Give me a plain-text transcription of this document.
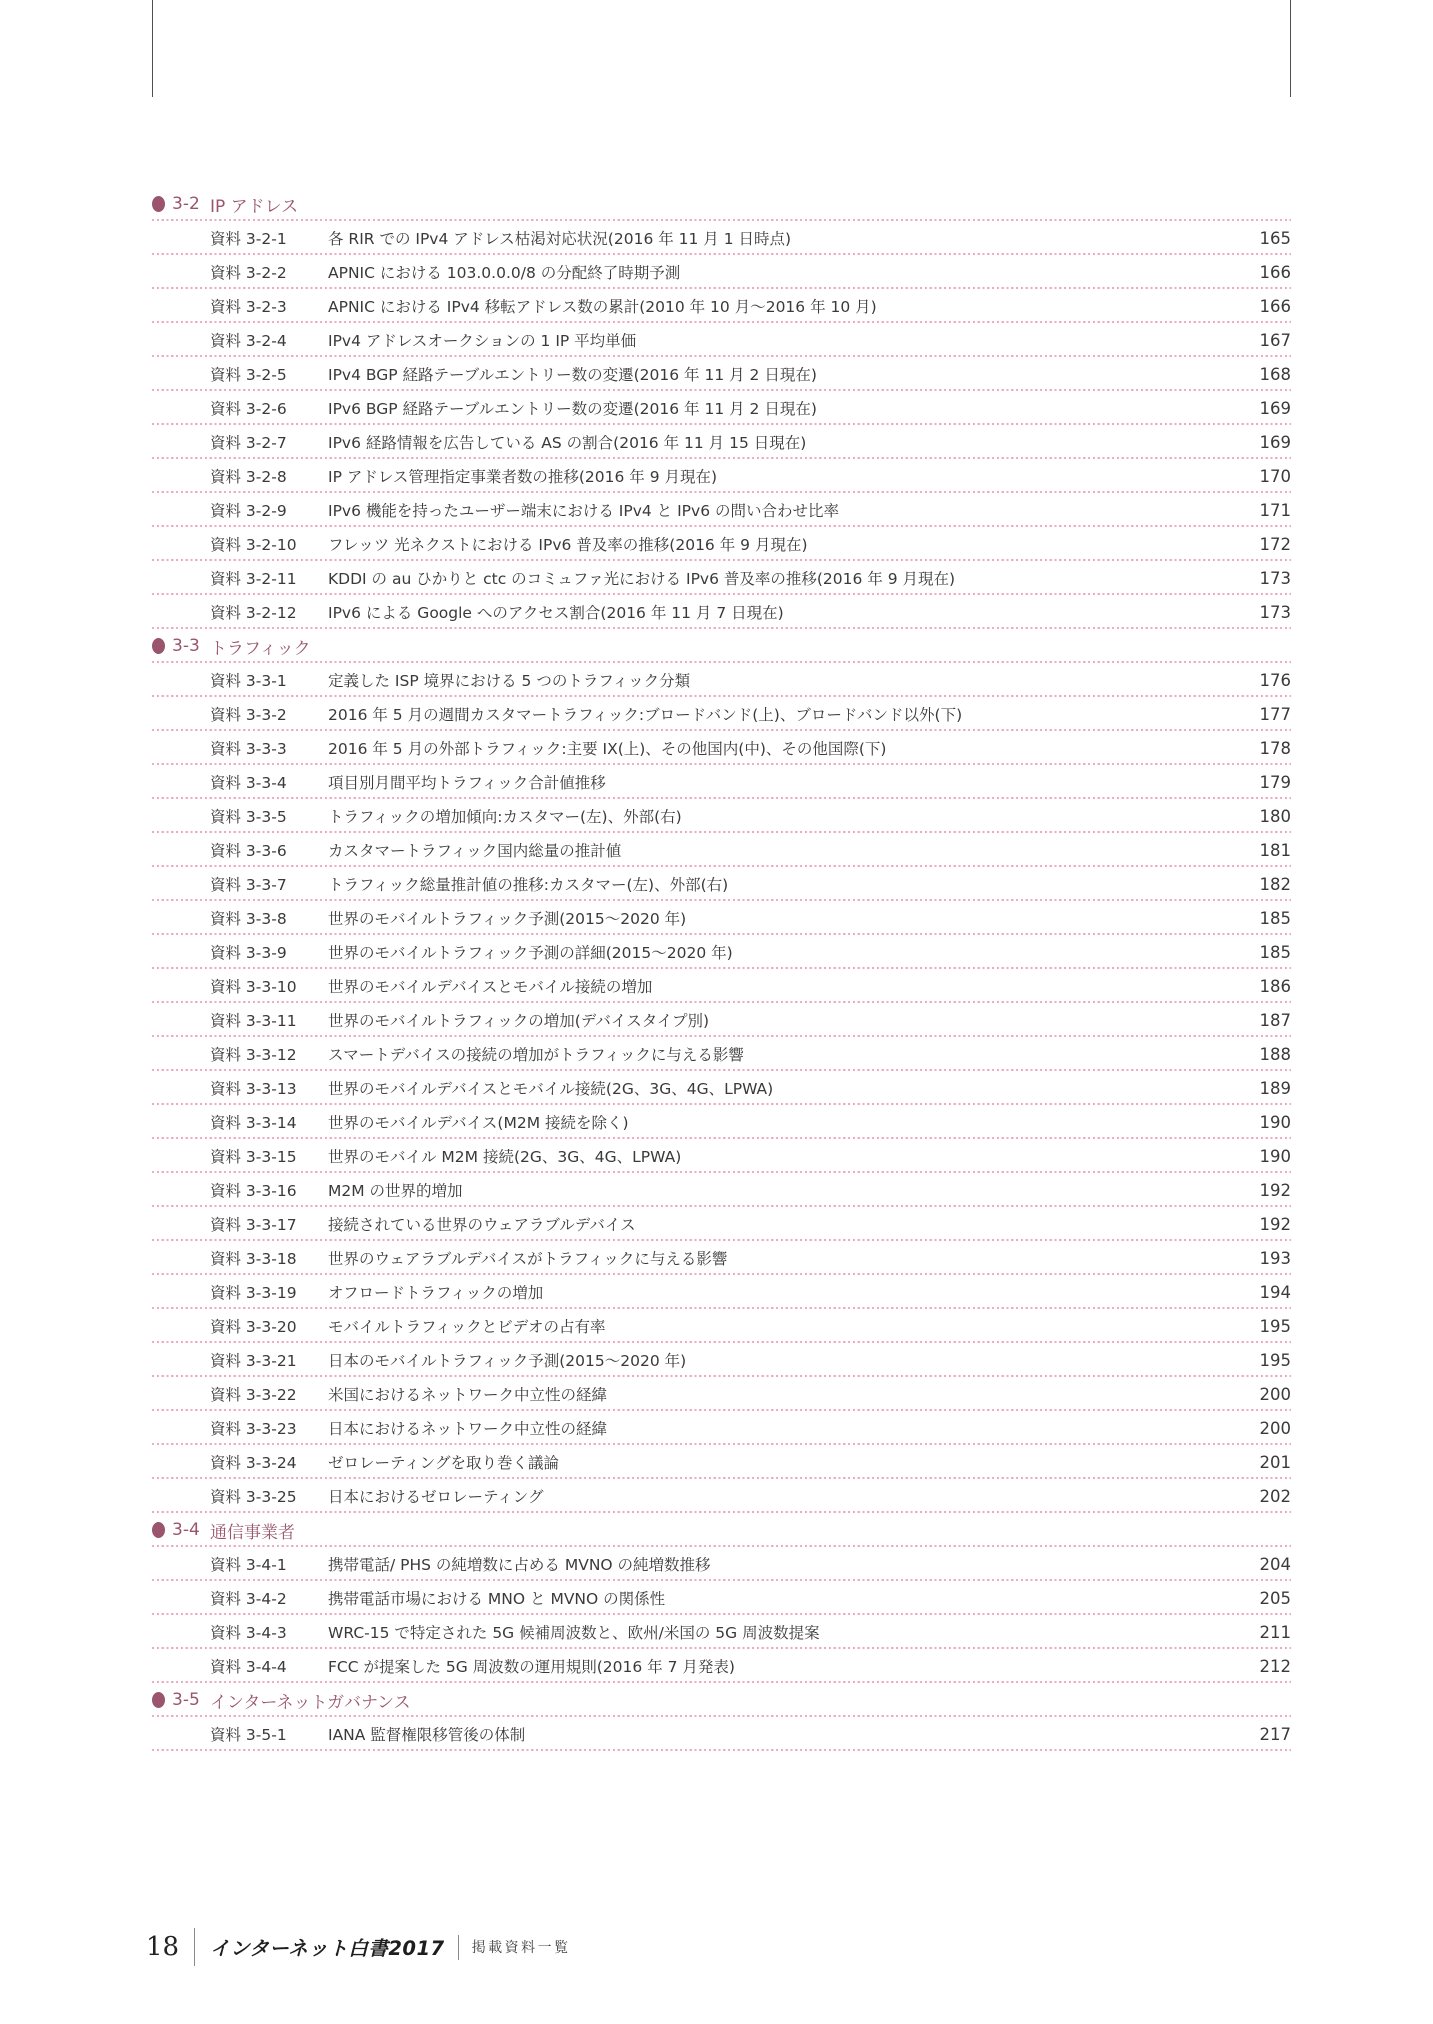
3-2 IP アドレス
資料 3-2-1	各 RIR での IPv4 アドレス枯渇対応状況(2016 年 11 月 1 日時点)	165
資料 3-2-2	APNIC における 103.0.0.0/8 の分配終了時期予測	166
資料 3-2-3	APNIC における IPv4 移転アドレス数の累計(2010 年 10 月〜2016 年 10 月)	166
資料 3-2-4	IPv4 アドレスオークションの 1 IP 平均単価	167
資料 3-2-5	IPv4 BGP 経路テーブルエントリー数の変遷(2016 年 11 月 2 日現在)	168
資料 3-2-6	IPv6 BGP 経路テーブルエントリー数の変遷(2016 年 11 月 2 日現在)	169
資料 3-2-7	IPv6 経路情報を広告している AS の割合(2016 年 11 月 15 日現在)	169
資料 3-2-8	IP アドレス管理指定事業者数の推移(2016 年 9 月現在)	170
資料 3-2-9	IPv6 機能を持ったユーザー端末における IPv4 と IPv6 の問い合わせ比率	171
資料 3-2-10	フレッツ 光ネクストにおける IPv6 普及率の推移(2016 年 9 月現在)	172
資料 3-2-11	KDDI の au ひかりと ctc のコミュファ光における IPv6 普及率の推移(2016 年 9 月現在)	173
資料 3-2-12	IPv6 による Google へのアクセス割合(2016 年 11 月 7 日現在)	173
3-3 トラフィック
資料 3-3-1	定義した ISP 境界における 5 つのトラフィック分類	176
資料 3-3-2	2016 年 5 月の週間カスタマートラフィック:ブロードバンド(上)、ブロードバンド以外(下)	177
資料 3-3-3	2016 年 5 月の外部トラフィック:主要 IX(上)、その他国内(中)、その他国際(下)	178
資料 3-3-4	項目別月間平均トラフィック合計値推移	179
資料 3-3-5	トラフィックの増加傾向:カスタマー(左)、外部(右)	180
資料 3-3-6	カスタマートラフィック国内総量の推計値	181
資料 3-3-7	トラフィック総量推計値の推移:カスタマー(左)、外部(右)	182
資料 3-3-8	世界のモバイルトラフィック予測(2015〜2020 年)	185
資料 3-3-9	世界のモバイルトラフィック予測の詳細(2015〜2020 年)	185
資料 3-3-10	世界のモバイルデバイスとモバイル接続の増加	186
資料 3-3-11	世界のモバイルトラフィックの増加(デバイスタイプ別)	187
資料 3-3-12	スマートデバイスの接続の増加がトラフィックに与える影響	188
資料 3-3-13	世界のモバイルデバイスとモバイル接続(2G、3G、4G、LPWA)	189
資料 3-3-14	世界のモバイルデバイス(M2M 接続を除く)	190
資料 3-3-15	世界のモバイル M2M 接続(2G、3G、4G、LPWA)	190
資料 3-3-16	M2M の世界的増加	192
資料 3-3-17	接続されている世界のウェアラブルデバイス	192
資料 3-3-18	世界のウェアラブルデバイスがトラフィックに与える影響	193
資料 3-3-19	オフロードトラフィックの増加	194
資料 3-3-20	モバイルトラフィックとビデオの占有率	195
資料 3-3-21	日本のモバイルトラフィック予測(2015〜2020 年)	195
資料 3-3-22	米国におけるネットワーク中立性の経緯	200
資料 3-3-23	日本におけるネットワーク中立性の経緯	200
資料 3-3-24	ゼロレーティングを取り巻く議論	201
資料 3-3-25	日本におけるゼロレーティング	202
3-4 通信事業者
資料 3-4-1	携帯電話/ PHS の純増数に占める MVNO の純増数推移	204
資料 3-4-2	携帯電話市場における MNO と MVNO の関係性	205
資料 3-4-3	WRC-15 で特定された 5G 候補周波数と、欧州/米国の 5G 周波数提案	211
資料 3-4-4	FCC が提案した 5G 周波数の運用規則(2016 年 7 月発表)	212
3-5 インターネットガバナンス
資料 3-5-1	IANA 監督権限移管後の体制	217
18 インターネット白書2017 掲載資料一覧
